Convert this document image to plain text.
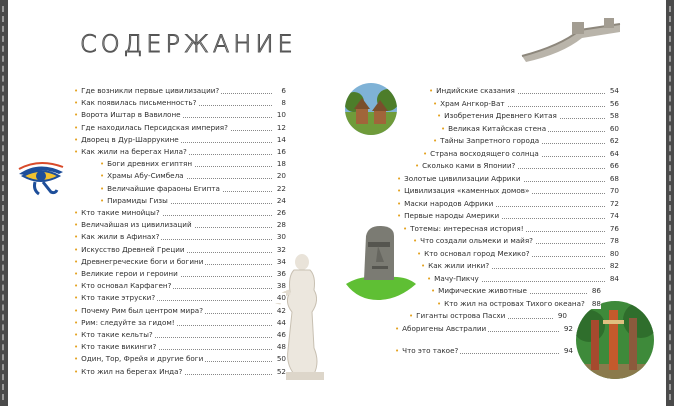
СОДЕРЖАНИЕ
• Где возникли первые цивилизации?	6
• Как появилась письменность?	8
• Ворота Иштар в Вавилоне	10
• Где находилась Персидская империя?	12
• Дворец в Дур-Шаррукине	14
• Как жили на берегах Нила?	16
• Боги древних египтян	18
• Храмы Абу-Симбела	20
• Величайшие фараоны Египта	22
• Пирамиды Гизы	24
• Кто такие минойцы?	26
• Величайшая из цивилизаций	28
• Как жили в Афинах?	30
• Искусство Древней Греции	32
• Древнегреческие боги и богини	34
• Великие герои и героини	36
• Кто основал Карфаген?	38
• Кто такие этруски?	40
• Почему Рим был центром мира?	42
• Рим: следуйте за гидом!	44
• Кто такие кельты?	46
• Кто такие викинги?	48
• Один, Тор, Фрейя и другие боги	50
• Кто жил на берегах Инда?	52
• Индийские сказания	54
• Храм Ангкор-Ват	56
• Изобретения Древнего Китая	58
• Великая Китайская стена	60
• Тайны Запретного города	62
• Страна восходящего солнца	64
• Сколько ками в Японии?	66
• Золотые цивилизации Африки	68
• Цивилизация «каменных домов»	70
• Маски народов Африки	72
• Первые народы Америки	74
• Тотемы: интересная история!	76
• Что создали ольмеки и майя?	78
• Кто основал город Мехико?	80
• Как жили инки?	82
• Мачу-Пикчу	84
• Мифические животные	86
• Кто жил на островах Тихого океана? 88
• Гиганты острова Пасхи	90
• Аборигены Австралии	92
• Что это такое?	94
